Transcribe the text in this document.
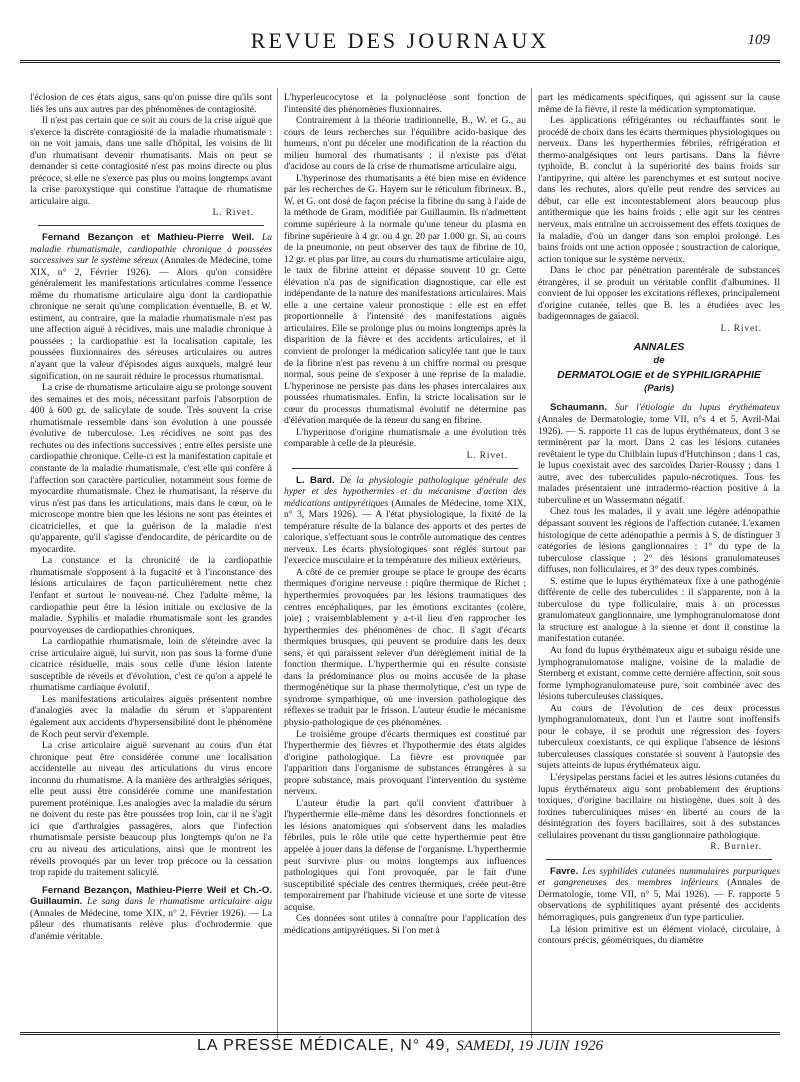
REVUE DES JOURNAUX	109

l'éclosion de ces états aigus, sans qu'on puisse dire qu'ils sont liés les uns aux autres par des phénomènes de contagiosité.

Il n'est pas certain que ce soit au cours de la crise aiguë que s'exerce la discrète contagiosité de la maladie rhumatismale : on ne voit jamais, dans une salle d'hôpital, les voisins de lit d'un rhumatisant devenir rhumatisants. Mais on peut se demander si cette contagiosité n'est pas moins directe ou plus précoce, si elle ne s'exerce pas plus ou moins longtemps avant la crise paroxystique qui constitue l'attaque de rhumatisme articulaire aigu.

L. Rivet.

Fernand Bezançon et Mathieu-Pierre Weil. La maladie rhumatismale, cardiopathie chronique à poussées successives sur le système séreux (Annales de Médecine, tome XIX, n° 2, Février 1926). — Alors qu'on considère généralement les manifestations articulaires comme l'essence même du rhumatisme articulaire aigu dont la cardiopathie chronique ne serait qu'une complication éventuelle, B. et W. estiment, au contraire, que la maladie rhumatismale n'est pas une affection aiguë à récidives, mais une maladie chronique à poussées ; la cardiopathie est la localisation capitale, les poussées fluxionnaires des séreuses articulaires ou autres n'ayant que la valeur d'épisodes aigus auxquels, malgré leur signification, on ne saurait réduire le processus rhumatismal.

La crise de rhumatisme articulaire aigu se prolonge souvent des semaines et des mois, nécessitant parfois l'absorption de 400 à 600 gr. de salicylate de soude. Très souvent la crise rhumatismale ressemble dans son évolution à une poussée évolutive de tuberculose. Les récidives ne sont pas des rechutes ou des infections successives ; entre elles persiste une cardiopathie chronique. Celle-ci est la manifestation capitale et constante de la maladie rhumatismale, c'est elle qui confère à l'affection son caractère particulier, notamment sous forme de myocardite rhumatismale. Chez le rhumatisant, la réserve du virus n'est pas dans les articulations, mais dans le cœur, où le microscope montre bien que les lésions ne sont pas éteintes et cicatricielles, et que la guérison de la maladie n'est qu'apparente, qu'il s'agisse d'endocardite, de péricardite ou de myocardite.

La constance et la chronicité de la cardiopathie rhumatismale s'opposent à la fugacité et à l'inconstance des lésions articulaires de façon particulièrement nette chez l'enfant et surtout le nouveau-né. Chez l'adulte même, la cardiopathie peut être la lésion initiale ou exclusive de la maladie. Syphilis et maladie rhumatismale sont les grandes pourvoyeuses de cardiopathies chroniques.

La cardiopathie rhumatismale, loin de s'éteindre avec la crise articulaire aiguë, lui survit, non pas sous la forme d'une cicatrice résiduelle, mais sous celle d'une lésion latente susceptible de réveils et d'évolution, c'est ce qu'on a appelé le rhumatisme cardiaque évolutif.

Les manifestations articulaires aiguës présentent nombre d'analogies avec la maladie du sérum et s'apparentent également aux accidents d'hypersensibilité dont le phénomène de Koch peut servir d'exemple.

La crise articulaire aiguë survenant au cours d'un état chronique peut être considérée comme une localisation accidentelle au niveau des articulations du virus encore inconnu du rhumatisme. A la manière des arthralgies sériques, elle peut aussi être considérée comme une manifestation purement protéinique. Les analogies avec la maladie du sérum ne doivent du reste pas être poussées trop loin, car il ne s'agit ici que d'arthralgies passagères, alors que l'infection rhumatismale persiste beaucoup plus longtemps qu'on ne l'a cru au niveau des articulations, ainsi que le montrent les réveils provoqués par un lever trop précoce ou la cessation trop rapide du traitement salicylé.

Fernand Bezançon, Mathieu-Pierre Weil et Ch.-O. Guillaumin. Le sang dans le rhumatisme articulaire aigu (Annales de Médecine, tome XIX, n° 2, Février 1926). — La pâleur des rhumatisants relève plus d'ochrodermie que d'anémie véritable.

L'hyperleucocytose et la polynucléose sont fonction de l'intensité des phénomènes fluxionnaires.

Contrairement à la théorie traditionnelle, B., W. et G., au cours de leurs recherches sur l'équilibre acido-basique des humeurs, n'ont pu déceler une modification de la réaction du milieu humoral des rhumatisants ; il n'existe pas d'état d'acidose au cours de la crise de rhumatisme articulaire aigu.

L'hyperinose des rhumatisants a été bien mise en évidence par les recherches de G. Hayem sur le réticulum fibrineux. B., W. et G. ont dosé de façon précise la fibrine du sang à l'aide de la méthode de Gram, modifiée par Guillaumin. Ils n'admettent comme supérieure à la normale qu'une teneur du plasma en fibrine supérieure à 4 gr. ou 4 gr. 20 par 1.000 gr. Si, au cours de la pneumonie, on peut observer des taux de fibrine de 10, 12 gr. et plus par litre, au cours du rhumatisme articulaire aigu, le taux de fibrine atteint et dépasse souvent 10 gr. Cette élévation n'a pas de signification diagnostique, car elle est indépendante de la nature des manifestations articulaires. Mais elle a une certaine valeur pronostique : elle est en effet proportionnelle à l'intensité des manifestations aiguës articulaires. Elle se prolonge plus ou moins longtemps après la disparition de la fièvre et des accidents articulaires, et il convient de prolonger la médication salicylée tant que le taux de la fibrine n'est pas revenu à un chiffre normal ou presque normal, sous peine de s'exposer à une reprise de la maladie. L'hyperinose ne persiste pas dans les phases intercalaires aux poussées rhumatismales. Enfin, la stricte localisation sur le cœur du processus rhumatismal évolutif ne détermine pas d'élévation marquée de la teneur du sang en fibrine.

L'hyperinose d'origine rhumatismale a une évolution très comparable à celle de la pleurésie.

L. Rivet.

L. Bard. De la physiologie pathologique générale des hyper et des hypothermies et du mécanisme d'action des médications antipyrétiques (Annales de Médecine, tome XIX, n° 3, Mars 1926). — A l'état physiologique, la fixité de la température résulte de la balance des apports et des pertes de calorique, s'effectuant sous le contrôle automatique des centres nerveux. Les écarts physiologiques sont réglés surtout par l'exercice musculaire et la température des milieux extérieurs.

A côté de ce premier groupe se place le groupe des écarts thermiques d'origine nerveuse : piqûre thermique de Richet ; hyperthermies provoquées par les lésions traumatiques des centres encéphaliques, par les émotions excitantes (colère, joie) ; vraisemblablement y a-t-il lieu d'en rapprocher les hyperthermies des phénomènes de choc. Il s'agit d'écarts thermiques brusques, qui peuvent se produire dans les deux sens, et qui paraissent relever d'un dérèglement initial de la fonction thermique. L'hyperthermie qui en résulte consiste dans la prédominance plus ou moins accusée de la phase thermogénétique sur la phase thermolytique, c'est un type de syndrome sympathique, où une inversion pathologique des réflexes se traduit par le frisson. L'auteur étudie le mécanisme physio-pathologique de ces phénomènes.

Le troisième groupe d'écarts thermiques est constitué par l'hyperthermie des fièvres et l'hypothermie des états algides d'origine pathologique. La fièvre est provoquée par l'apparition dans l'organisme de substances étrangères à sa propre substance, mais provoquant l'intervention du système nerveux.

L'auteur étudie la part qu'il convient d'attribuer à l'hyperthermie elle-même dans les désordres fonctionnels et les lésions anatomiques qui s'observent dans les maladies fébriles, puis le rôle utile que cette hyperthermie peut être appelée à jouer dans la défense de l'organisme. L'hyperthermie peut survivre plus ou moins longtemps aux influences pathologiques qui l'ont provoquée, par le fait d'une susceptibilité spéciale des centres thermiques, créée peut-être temporairement par l'habitude vicieuse et une sorte de vitesse acquise.

Ces données sont utiles à connaître pour l'application des médications antipyrétiques. Si l'on met à

part les médicaments spécifiques, qui agissent sur la cause même de la fièvre, il reste la médication symptomatique.

Les applications réfrigérantes ou réchauffantes sont le procédé de choix dans les écarts thermiques physiologiques ou nerveux. Dans les hyperthermies fébriles, réfrigération et thermo-analgésiques ont leurs partisans. Dans la fièvre typhoïde, B. conclut à la supériorité des bains froids sur l'antipyrine, qui altère les parenchymes et est surtout nocive dans les rechutes, alors qu'elle peut rendre des services au début, car elle est incontestablement alors beaucoup plus antithermique que les bains froids ; elle agit sur les centres nerveux, mais entraîne un accroissement des effets toxiques de la maladie, d'où un danger dans son emploi prolongé. Les bains froids ont une action opposée ; soustraction de calorique, action tonique sur le système nerveux.

Dans le choc par pénétration parentérale de substances étrangères, il se produit un véritable conflit d'albumines. Il convient de lui opposer les excitations réflexes, principalement d'origine cutanée, telles que B. les a étudiées avec les badigeonnages de gaïacol.

L. Rivet.
ANNALES
de
DERMATOLOGIE et de SYPHILIGRAPHIE
(Paris)

Schaumann. Sur l'étiologie du lupus érythémateux (Annales de Dermatologie, tome VII, n°s 4 et 5, Avril-Mai 1926). — S. rapporte 11 cas de lupus érythémateux, dont 3 se terminèrent par la mort. Dans 2 cas les lésions cutanées revêtaient le type du Chilblain lupus d'Hutchinson ; dans 1 cas, le lupus coexistait avec des sarcoïdes Darier-Roussy ; dans 1 autre, avec des tuberculides papulo-nécrotiques. Tous les malades présentaient une intradermo-réaction positive à la tuberculine et un Wassermann négatif.

Chez tous les malades, il y avait une légère adénopathie dépassant souvent les régions de l'affection cutanée. L'examen histologique de cette adénopathie a permis à S. de distinguer 3 catégories de lésions ganglionnaires : 1° du type de la tuberculose classique ; 2° des lésions granulomateuses diffuses, non folliculaires, et 3° des deux types combinés.

S. estime que le lupus érythémateux fixe à une pathogénie différente de celle des tuberculides : il s'apparente, non à la tuberculose du type folliculaire, mais à un processus granulomateux ganglionnaire, une lymphogranulomatose dont la structure est analogue à la sienne et dont il constitue la manifestation cutanée.

Au fond du lupus érythémateux aigu et subaigu réside une lymphogranulomatose maligne, voisine de la maladie de Sternberg et existant, comme cette dernière affection, soit sous forme lymphogranulomateuse pure, soit combinée avec des lésions tuberculeuses classiques.

Au cours de l'évolution de ces deux processus lymphogranulomateux, dont l'un et l'autre sont inoffensifs pour le cobaye, il se produit une régression des foyers tuberculeux coexistants, ce qui explique l'absence de lésions tuberculeuses classiques constatée si souvent à l'autopsie des sujets atteints de lupus érythémateux aigu.

L'érysipelas perstans faciei et les autres lésions cutanées du lupus érythémateux aigu sont probablement des éruptions toxiques, d'origine bacillaire ou histiogène, dues soit à des toxines tuberculiniques mises en liberté au cours de la désintégration des foyers bacillaires, soit à des substances cellulaires provenant du tissu ganglionnaire pathologique.

R. Burnier.

Favre. Les syphilides cutanées nummulaires purpuriques et gangreneuses des membres inférieurs (Annales de Dermatologie, tome VII, n° 5, Mai 1926). — F. rapporte 5 observations de syphilitiques ayant présenté des accidents hémorragiques, puis gangreneux d'un type particulier.

La lésion primitive est un élément violacé, circulaire, à contours précis, géométriques, du diamètre

LA PRESSE MÉDICALE, N° 49, SAMEDI, 19 JUIN 1926
